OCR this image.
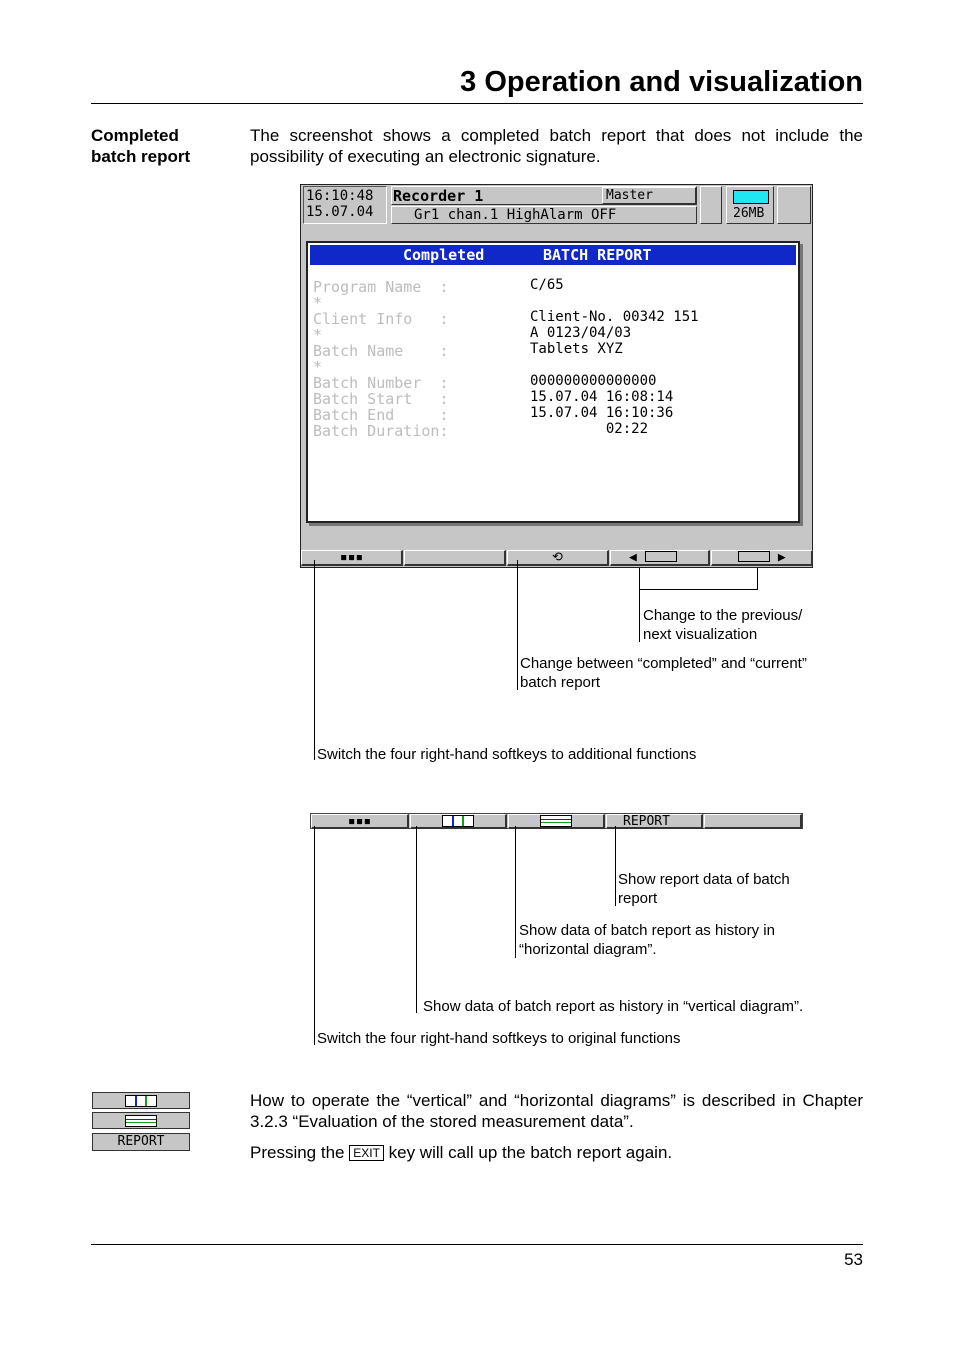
3 Operation and visualization
Completed
batch report
The screenshot shows a completed batch report that does not include the possibility of executing an electronic signature.
16:10:48
15.07.04
Recorder 1	Master
Gr1 chan.1 HighAlarm OFF	26MB
Completed	BATCH REPORT
Program Name  :	C/65
*
Client Info   :	Client-No. 00342 151
*	A 0123/04/03
Batch Name    :	Tablets XYZ
*
Batch Number  :	000000000000000
Batch Start   :	15.07.04 16:08:14
Batch End     :	15.07.04 16:10:36
Batch Duration:	02:22
▪▪▪	⟲	◀	▶
Change to the previous/
next visualization
Change between “completed” and “current”
batch report
Switch the four right-hand softkeys to additional functions
▪▪▪	REPORT
Show report data of batch
report
Show data of batch report as history in
“horizontal diagram”.
Show data of batch report as history in “vertical diagram”.
Switch the four right-hand softkeys to original functions
REPORT
How to operate the “vertical” and “horizontal diagrams” is described in Chapter 3.2.3 “Evaluation of the stored measurement data”.
Pressing the EXIT key will call up the batch report again.
53
